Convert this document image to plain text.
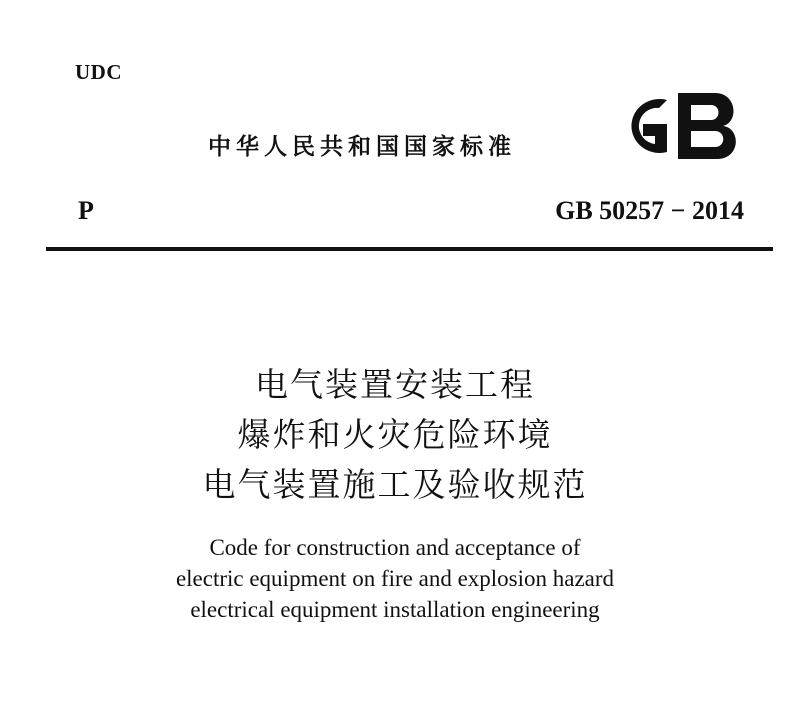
UDC
中华人民共和国国家标准
P	GB 50257 − 2014
电气装置安装工程
爆炸和火灾危险环境
电气装置施工及验收规范
Code for construction and acceptance of
electric equipment on fire and explosion hazard
electrical equipment installation engineering
